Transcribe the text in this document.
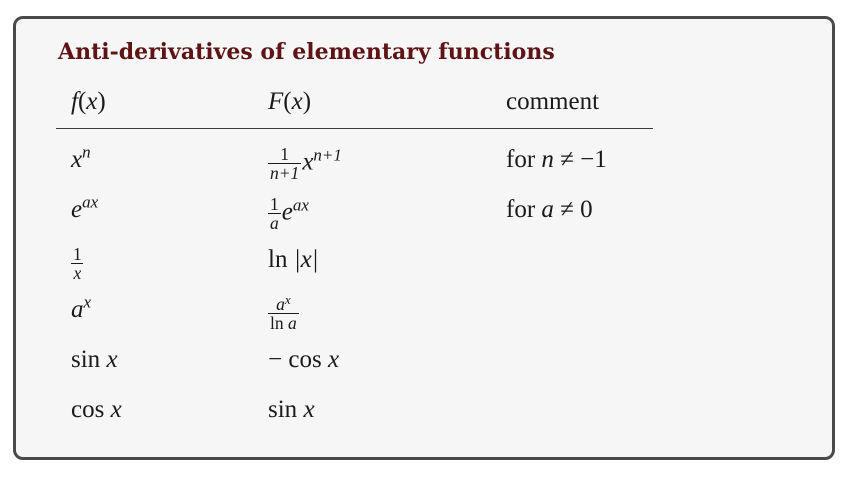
Anti-derivatives of elementary functions
f(x)	F(x)	comment
$x^n$	$\frac{1}{n+1} x^{n+1}$	for n ≠ −1
$e^{ax}$	$\frac{1}{a} e^{ax}$	for a ≠ 0
$\frac{1}{x}$	ln |x|
$a^x$	$\frac{a^x}{\text{ln a}}$
sin x	− cos x
cos x	sin x
